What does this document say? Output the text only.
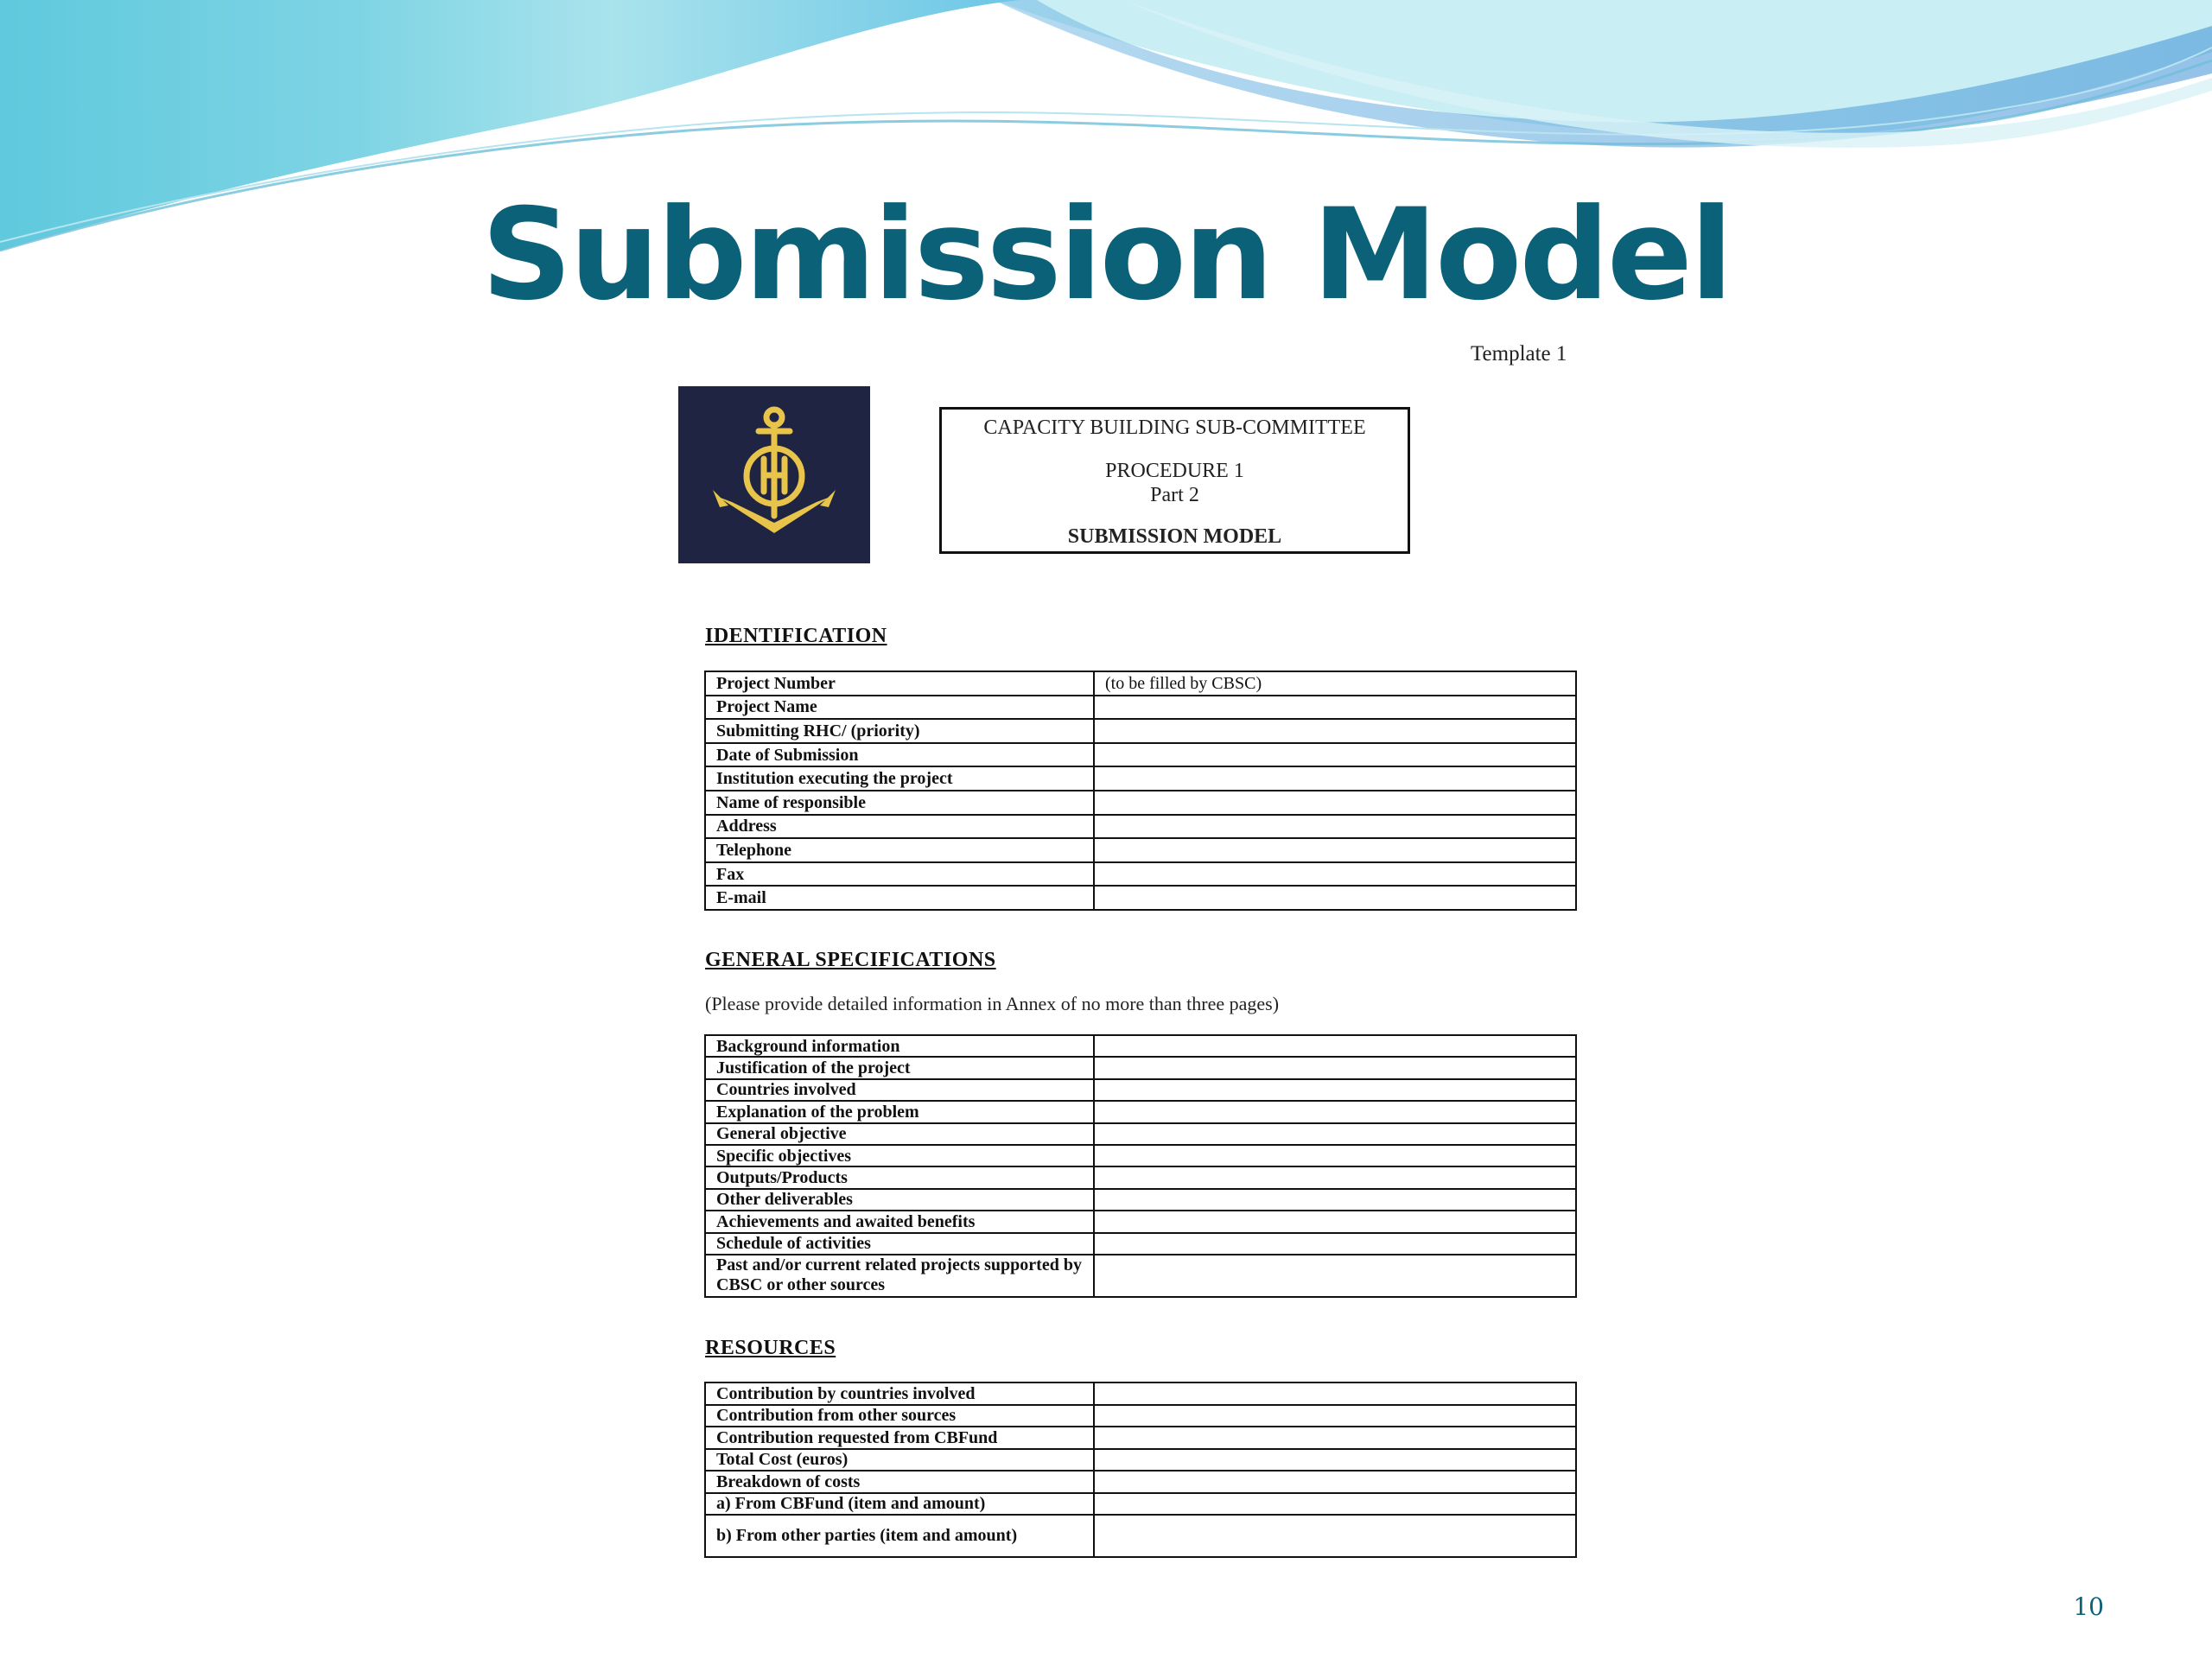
Submission Model
Template 1
CAPACITY BUILDING SUB-COMMITTEE
PROCEDURE 1
Part 2
SUBMISSION MODEL
IDENTIFICATION
Project Number	(to be filled by CBSC)
Project Name	
Submitting RHC/ (priority)	
Date of Submission	
Institution executing the project	
Name of responsible	
Address	
Telephone	
Fax	
E-mail	
GENERAL SPECIFICATIONS
(Please provide detailed information in Annex of no more than three pages)
Background information	
Justification of the project	
Countries involved	
Explanation of the problem	
General objective	
Specific objectives	
Outputs/Products	
Other deliverables	
Achievements and awaited benefits	
Schedule of activities	
Past and/or current related projects supported by CBSC or other sources	
RESOURCES
Contribution by countries involved	
Contribution from other sources	
Contribution requested from CBFund	
Total Cost (euros)	
Breakdown of costs	
a) From CBFund (item and amount)	
b) From other parties (item and amount)	
10
